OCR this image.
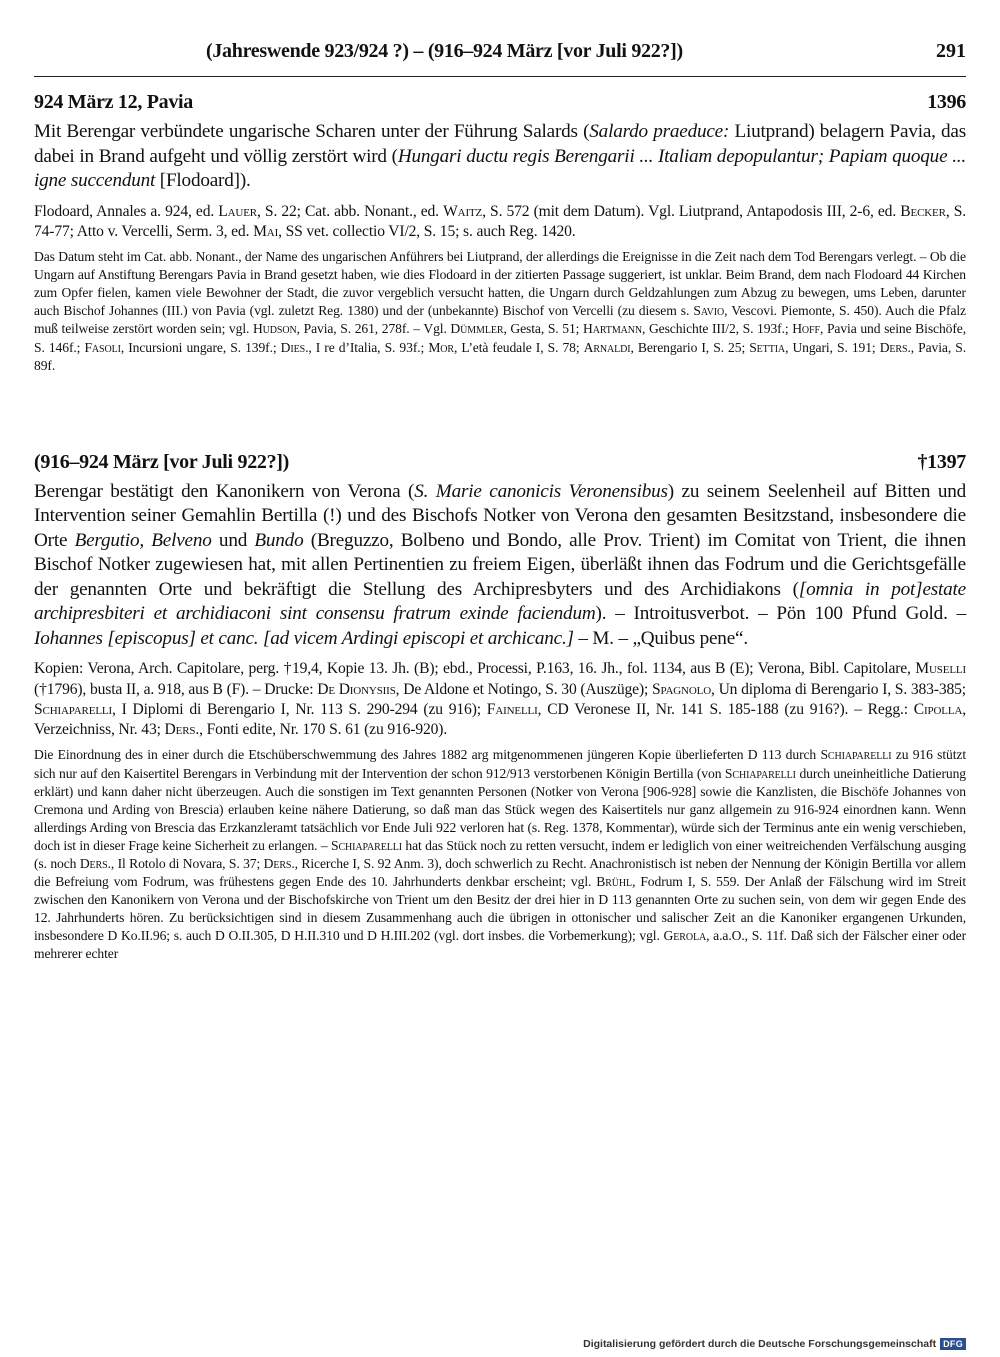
(Jahreswende 923/924 ?) – (916–924 März [vor Juli 922?])	291
924 März 12, Pavia	1396
Mit Berengar verbündete ungarische Scharen unter der Führung Salards (Salardo praeduce: Liutprand) belagern Pavia, das dabei in Brand aufgeht und völlig zerstört wird (Hungari ductu regis Berengarii ... Italiam depopulantur; Papiam quoque ... igne succendunt [Flodoard]).
Flodoard, Annales a. 924, ed. Lauer, S. 22; Cat. abb. Nonant., ed. Waitz, S. 572 (mit dem Datum). Vgl. Liutprand, Antapodosis III, 2-6, ed. Becker, S. 74-77; Atto v. Vercelli, Serm. 3, ed. Mai, SS vet. collectio VI/2, S. 15; s. auch Reg. 1420.
Das Datum steht im Cat. abb. Nonant., der Name des ungarischen Anführers bei Liutprand, der allerdings die Ereignisse in die Zeit nach dem Tod Berengars verlegt. – Ob die Ungarn auf Anstiftung Berengars Pavia in Brand gesetzt haben, wie dies Flodoard in der zitierten Passage suggeriert, ist unklar. Beim Brand, dem nach Flodoard 44 Kirchen zum Opfer fielen, kamen viele Bewohner der Stadt, die zuvor vergeblich versucht hatten, die Ungarn durch Geldzahlungen zum Abzug zu bewegen, ums Leben, darunter auch Bischof Johannes (III.) von Pavia (vgl. zuletzt Reg. 1380) und der (unbekannte) Bischof von Vercelli (zu diesem s. Savio, Vescovi. Piemonte, S. 450). Auch die Pfalz muß teilweise zerstört worden sein; vgl. Hudson, Pavia, S. 261, 278f. – Vgl. Dümmler, Gesta, S. 51; Hartmann, Geschichte III/2, S. 193f.; Hoff, Pavia und seine Bischöfe, S. 146f.; Fasoli, Incursioni ungare, S. 139f.; Dies., I re d’Italia, S. 93f.; Mor, L’età feudale I, S. 78; Arnaldi, Berengario I, S. 25; Settia, Ungari, S. 191; Ders., Pavia, S. 89f.
(916–924 März [vor Juli 922?])	†1397
Berengar bestätigt den Kanonikern von Verona (S. Marie canonicis Veronensibus) zu seinem Seelenheil auf Bitten und Intervention seiner Gemahlin Bertilla (!) und des Bischofs Notker von Verona den gesamten Besitzstand, insbesondere die Orte Bergutio, Belveno und Bundo (Breguzzo, Bolbeno und Bondo, alle Prov. Trient) im Comitat von Trient, die ihnen Bischof Notker zugewiesen hat, mit allen Pertinentien zu freiem Eigen, überläßt ihnen das Fodrum und die Gerichtsgefälle der genannten Orte und bekräftigt die Stellung des Archipresbyters und des Archidiakons ([omnia in pot]estate archipresbiteri et archidiaconi sint consensu fratrum exinde faciendum). – Introitusverbot. – Pön 100 Pfund Gold. – Iohannes [episcopus] et canc. [ad vicem Ardingi episcopi et archicanc.] – M. – „Quibus pene“.
Kopien: Verona, Arch. Capitolare, perg. †19,4, Kopie 13. Jh. (B); ebd., Processi, P.163, 16. Jh., fol. 1134, aus B (E); Verona, Bibl. Capitolare, Muselli (†1796), busta II, a. 918, aus B (F). – Drucke: De Dionysiis, De Aldone et Notingo, S. 30 (Auszüge); Spagnolo, Un diploma di Berengario I, S. 383-385; Schiaparelli, I Diplomi di Berengario I, Nr. 113 S. 290-294 (zu 916); Fainelli, CD Veronese II, Nr. 141 S. 185-188 (zu 916?). – Regg.: Cipolla, Verzeichniss, Nr. 43; Ders., Fonti edite, Nr. 170 S. 61 (zu 916-920).
Die Einordnung des in einer durch die Etschüberschwemmung des Jahres 1882 arg mitgenommenen jüngeren Kopie überlieferten D 113 durch Schiaparelli zu 916 stützt sich nur auf den Kaisertitel Berengars in Verbindung mit der Intervention der schon 912/913 verstorbenen Königin Bertilla (von Schiaparelli durch uneinheitliche Datierung erklärt) und kann daher nicht überzeugen. Auch die sonstigen im Text genannten Personen (Notker von Verona [906-928] sowie die Kanzlisten, die Bischöfe Johannes von Cremona und Arding von Brescia) erlauben keine nähere Datierung, so daß man das Stück wegen des Kaisertitels nur ganz allgemein zu 916-924 einordnen kann. Wenn allerdings Arding von Brescia das Erzkanzleramt tatsächlich vor Ende Juli 922 verloren hat (s. Reg. 1378, Kommentar), würde sich der Terminus ante ein wenig verschieben, doch ist in dieser Frage keine Sicherheit zu erlangen. – Schiaparelli hat das Stück noch zu retten versucht, indem er lediglich von einer weitreichenden Verfälschung ausging (s. noch Ders., Il Rotolo di Novara, S. 37; Ders., Ricerche I, S. 92 Anm. 3), doch schwerlich zu Recht. Anachronistisch ist neben der Nennung der Königin Bertilla vor allem die Befreiung vom Fodrum, was frühestens gegen Ende des 10. Jahrhunderts denkbar erscheint; vgl. Brühl, Fodrum I, S. 559. Der Anlaß der Fälschung wird im Streit zwischen den Kanonikern von Verona und der Bischofskirche von Trient um den Besitz der drei hier in D 113 genannten Orte zu suchen sein, von dem wir gegen Ende des 12. Jahrhunderts hören. Zu berücksichtigen sind in diesem Zusammenhang auch die übrigen in ottonischer und salischer Zeit an die Kanoniker ergangenen Urkunden, insbesondere D Ko.II.96; s. auch D O.II.305, D H.II.310 und D H.III.202 (vgl. dort insbes. die Vorbemerkung); vgl. Gerola, a.a.O., S. 11f. Daß sich der Fälscher einer oder mehrerer echter
Digitalisierung gefördert durch die Deutsche Forschungsgemeinschaft DFG
